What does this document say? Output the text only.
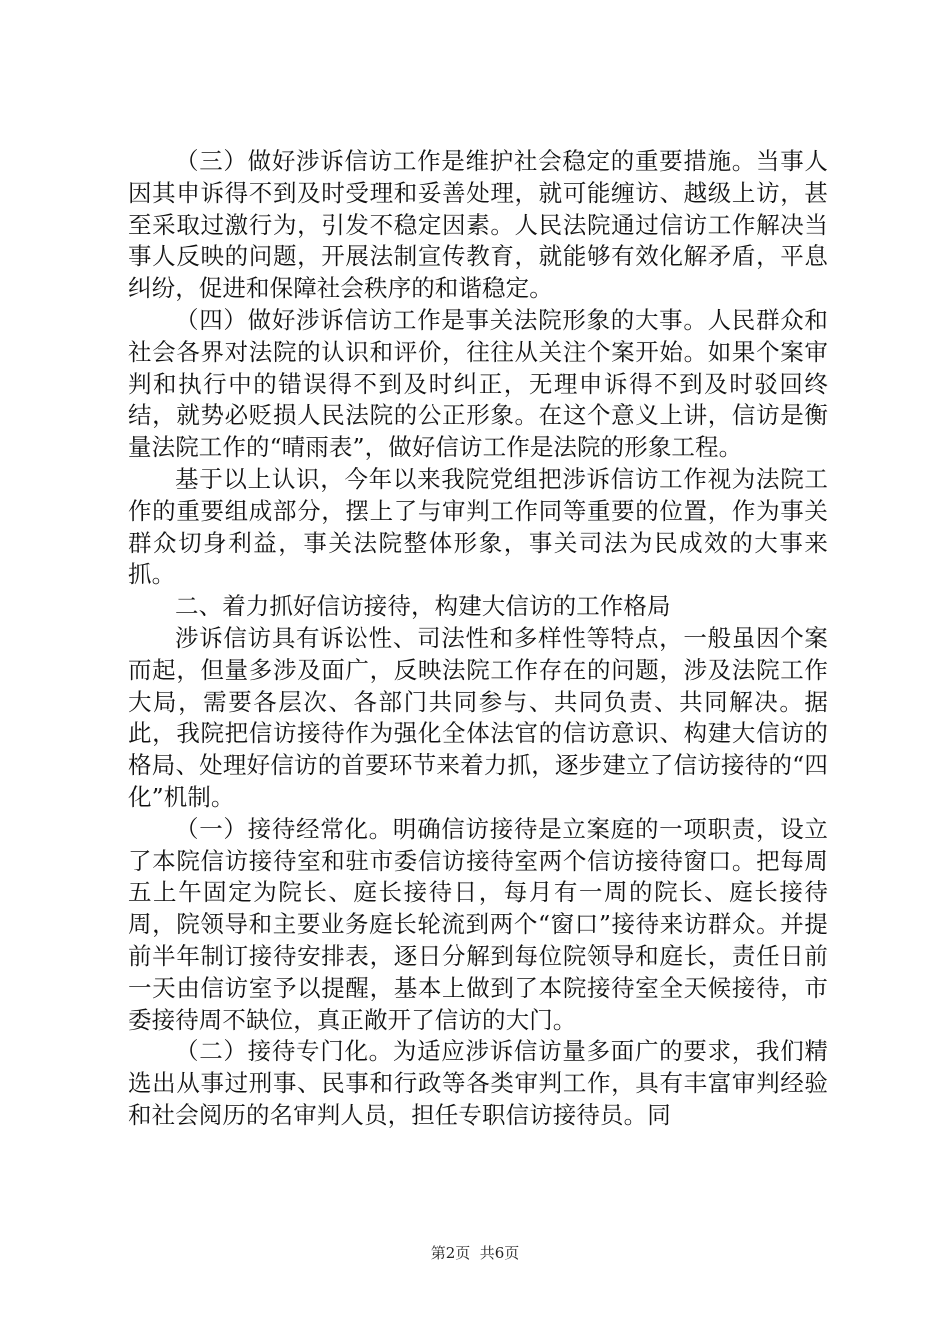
（三）做好涉诉信访工作是维护社会稳定的重要措施。当事人因其申诉得不到及时受理和妥善处理，就可能缠访、越级上访，甚至采取过激行为，引发不稳定因素。人民法院通过信访工作解决当事人反映的问题，开展法制宣传教育，就能够有效化解矛盾，平息纠纷，促进和保障社会秩序的和谐稳定。

（四）做好涉诉信访工作是事关法院形象的大事。人民群众和社会各界对法院的认识和评价，往往从关注个案开始。如果个案审判和执行中的错误得不到及时纠正，无理申诉得不到及时驳回终结，就势必贬损人民法院的公正形象。在这个意义上讲，信访是衡量法院工作的“晴雨表”，做好信访工作是法院的形象工程。

基于以上认识，今年以来我院党组把涉诉信访工作视为法院工作的重要组成部分，摆上了与审判工作同等重要的位置，作为事关群众切身利益，事关法院整体形象，事关司法为民成效的大事来抓。

二、着力抓好信访接待，构建大信访的工作格局

涉诉信访具有诉讼性、司法性和多样性等特点，一般虽因个案而起，但量多涉及面广，反映法院工作存在的问题，涉及法院工作大局，需要各层次、各部门共同参与、共同负责、共同解决。据此，我院把信访接待作为强化全体法官的信访意识、构建大信访的格局、处理好信访的首要环节来着力抓，逐步建立了信访接待的“四化”机制。

（一）接待经常化。明确信访接待是立案庭的一项职责，设立了本院信访接待室和驻市委信访接待室两个信访接待窗口。把每周五上午固定为院长、庭长接待日，每月有一周的院长、庭长接待周，院领导和主要业务庭长轮流到两个“窗口”接待来访群众。并提前半年制订接待安排表，逐日分解到每位院领导和庭长，责任日前一天由信访室予以提醒，基本上做到了本院接待室全天候接待，市委接待周不缺位，真正敞开了信访的大门。

（二）接待专门化。为适应涉诉信访量多面广的要求，我们精选出从事过刑事、民事和行政等各类审判工作，具有丰富审判经验和社会阅历的名审判人员，担任专职信访接待员。同

第2页  共6页
